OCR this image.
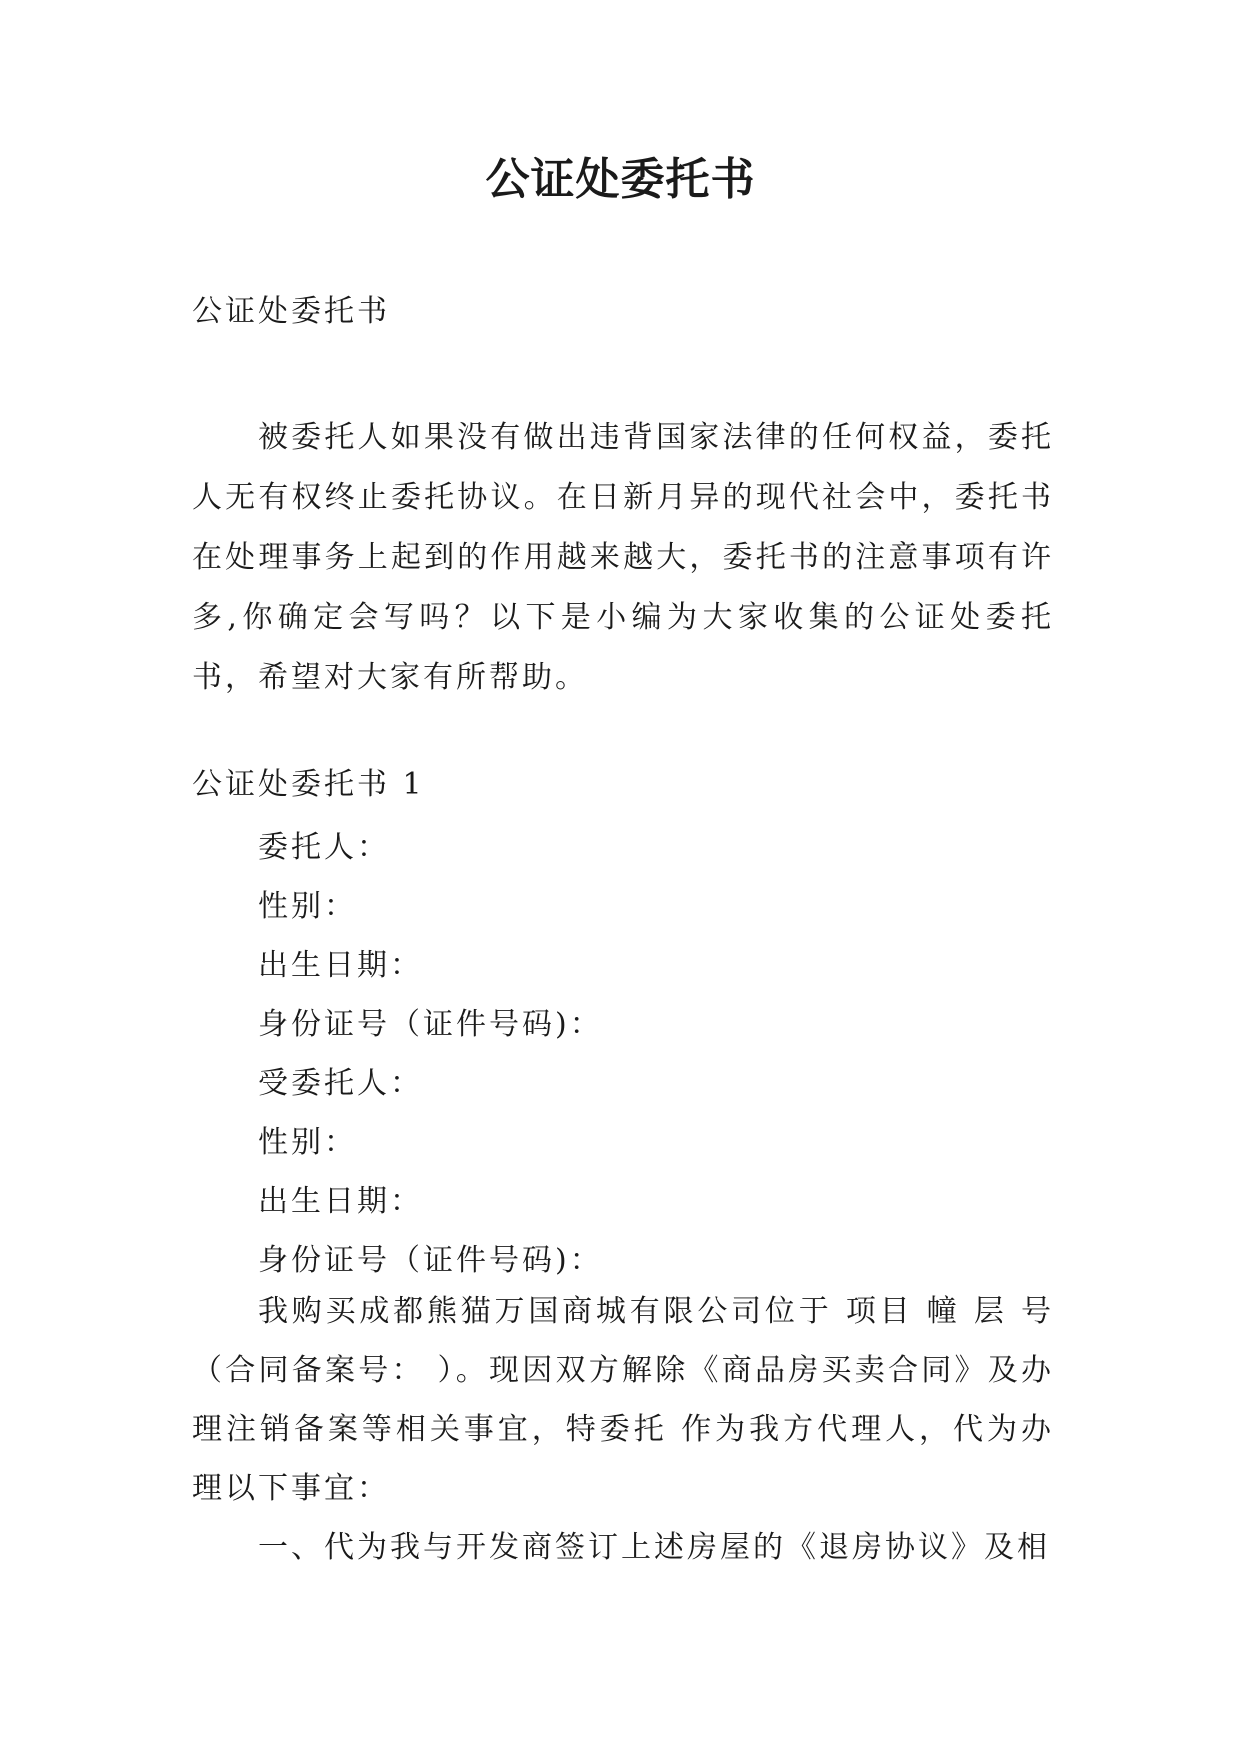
公证处委托书

公证处委托书

被委托人如果没有做出违背国家法律的任何权益，委托人无有权终止委托协议。在日新月异的现代社会中，委托书在处理事务上起到的作用越来越大，委托书的注意事项有许多,你确定会写吗？以下是小编为大家收集的公证处委托书，希望对大家有所帮助。

公证处委托书 1

委托人：
性别：
出生日期：
身份证号（证件号码)：
受委托人：
性别：
出生日期：
身份证号（证件号码)：

我购买成都熊猫万国商城有限公司位于 项目 幢 层 号（合同备案号： ）。现因双方解除《商品房买卖合同》及办理注销备案等相关事宜，特委托 作为我方代理人，代为办理以下事宜：

一、代为我与开发商签订上述房屋的《退房协议》及相
